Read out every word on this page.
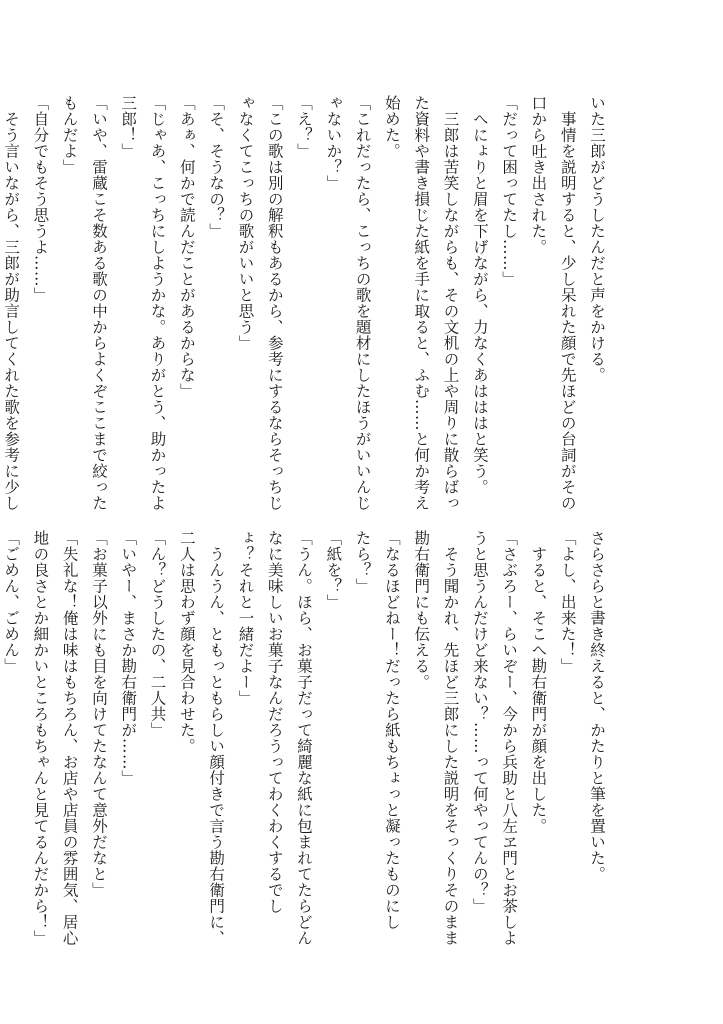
いた三郎がどうしたんだと声をかける。
　事情を説明すると、少し呆れた顔で先ほどの台詞がその
口から吐き出された。
「だって困ってたし……」
　へにょりと眉を下げながら、力なくあはははと笑う。
　三郎は苦笑しながらも、その文机の上や周りに散らばっ
た資料や書き損じた紙を手に取ると、ふむ……と何か考え
始めた。
「これだったら、こっちの歌を題材にしたほうがいいんじ
ゃないか？」
「え？」
「この歌は別の解釈もあるから、参考にするならそっちじ
ゃなくてこっちの歌がいいと思う」
「そ、そうなの？」
「あぁ、何かで読んだことがあるからな」
「じゃあ、こっちにしようかな。ありがとう、助かったよ
三郎！」
「いや、雷蔵こそ数ある歌の中からよくぞここまで絞った
もんだよ」
「自分でもそう思うよ……」
　そう言いながら、三郎が助言してくれた歌を参考に少し
さらさらと書き終えると、かたりと筆を置いた。
「よし、出来た！」
　すると、そこへ勘右衛門が顔を出した。
「さぶろー、らいぞー、今から兵助と八左ヱ門とお茶しよ
うと思うんだけど来ない？……って何やってんの？」
　そう聞かれ、先ほど三郎にした説明をそっくりそのまま
勘右衛門にも伝える。
「なるほどねー！だったら紙もちょっと凝ったものにし
たら？」
「紙を？」
「うん。ほら、お菓子だって綺麗な紙に包まれてたらどん
なに美味しいお菓子なんだろうってわくわくするでし
ょ？それと一緒だよー」
　うんうん、ともっともらしい顔付きで言う勘右衛門に、
二人は思わず顔を見合わせた。
「ん？どうしたの、二人共」
「いやー、まさか勘右衛門が……」
「お菓子以外にも目を向けてたなんて意外だなと」
「失礼な！俺は味はもちろん、お店や店員の雰囲気、居心
地の良さとか細かいところもちゃんと見てるんだから！」
「ごめん、ごめん」
